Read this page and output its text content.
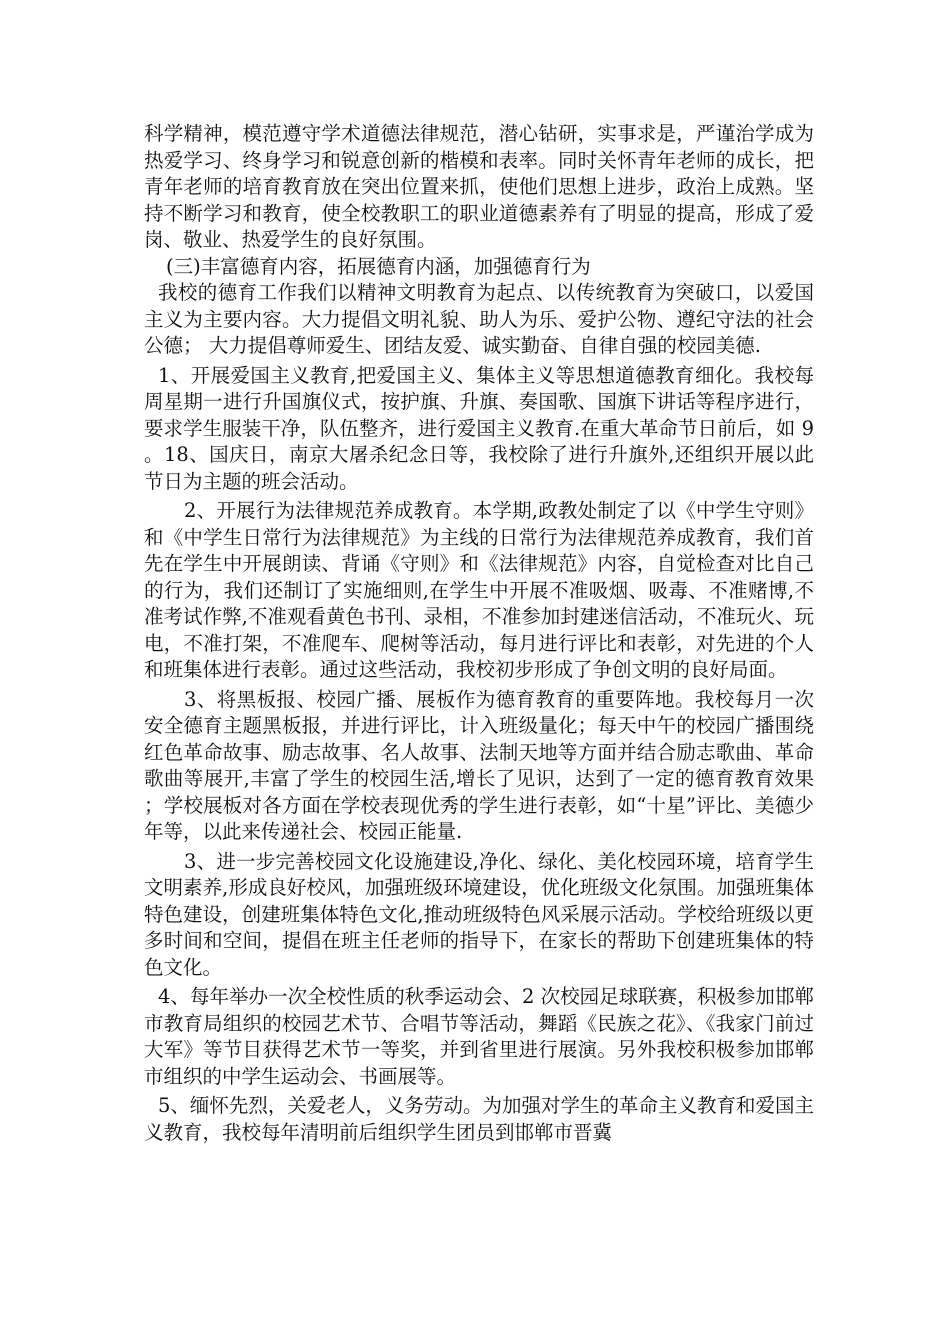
科学精神，模范遵守学术道德法律规范，潜心钻研，实事求是，严谨治学成为热爱学习、终身学习和锐意创新的楷模和表率。同时关怀青年老师的成长，把青年老师的培育教育放在突出位置来抓，使他们思想上进步，政治上成熟。坚持不断学习和教育，使全校教职工的职业道德素养有了明显的提高，形成了爱岗、敬业、热爱学生的良好氛围。

(三)丰富德育内容，拓展德育内涵，加强德育行为

我校的德育工作我们以精神文明教育为起点、以传统教育为突破口，以爱国主义为主要内容。大力提倡文明礼貌、助人为乐、爱护公物、遵纪守法的社会公德； 大力提倡尊师爱生、团结友爱、诚实勤奋、自律自强的校园美德.

1、开展爱国主义教育,把爱国主义、集体主义等思想道德教育细化。我校每周星期一进行升国旗仪式，按护旗、升旗、奏国歌、国旗下讲话等程序进行，要求学生服装干净，队伍整齐，进行爱国主义教育.在重大革命节日前后，如 9。18、国庆日，南京大屠杀纪念日等，我校除了进行升旗外,还组织开展以此节日为主题的班会活动。

2、开展行为法律规范养成教育。本学期,政教处制定了以《中学生守则》和《中学生日常行为法律规范》为主线的日常行为法律规范养成教育，我们首先在学生中开展朗读、背诵《守则》和《法律规范》内容，自觉检查对比自己的行为，我们还制订了实施细则,在学生中开展不准吸烟、吸毒、不准赌博,不准考试作弊,不准观看黄色书刊、录相，不准参加封建迷信活动，不准玩火、玩电，不准打架，不准爬车、爬树等活动，每月进行评比和表彰，对先进的个人和班集体进行表彰。通过这些活动，我校初步形成了争创文明的良好局面。

3、将黑板报、校园广播、展板作为德育教育的重要阵地。我校每月一次安全德育主题黑板报，并进行评比，计入班级量化；每天中午的校园广播围绕红色革命故事、励志故事、名人故事、法制天地等方面并结合励志歌曲、革命歌曲等展开,丰富了学生的校园生活,增长了见识，达到了一定的德育教育效果；学校展板对各方面在学校表现优秀的学生进行表彰，如“十星”评比、美德少年等，以此来传递社会、校园正能量.

3、进一步完善校园文化设施建设,净化、绿化、美化校园环境，培育学生文明素养,形成良好校风，加强班级环境建设，优化班级文化氛围。加强班集体特色建设，创建班集体特色文化,推动班级特色风采展示活动。学校给班级以更多时间和空间，提倡在班主任老师的指导下，在家长的帮助下创建班集体的特色文化。

4、每年举办一次全校性质的秋季运动会、2 次校园足球联赛，积极参加邯郸市教育局组织的校园艺术节、合唱节等活动，舞蹈《民族之花》、《我家门前过大军》等节目获得艺术节一等奖，并到省里进行展演。另外我校积极参加邯郸市组织的中学生运动会、书画展等。

5、缅怀先烈，关爱老人，义务劳动。为加强对学生的革命主义教育和爱国主义教育，我校每年清明前后组织学生团员到邯郸市晋冀
